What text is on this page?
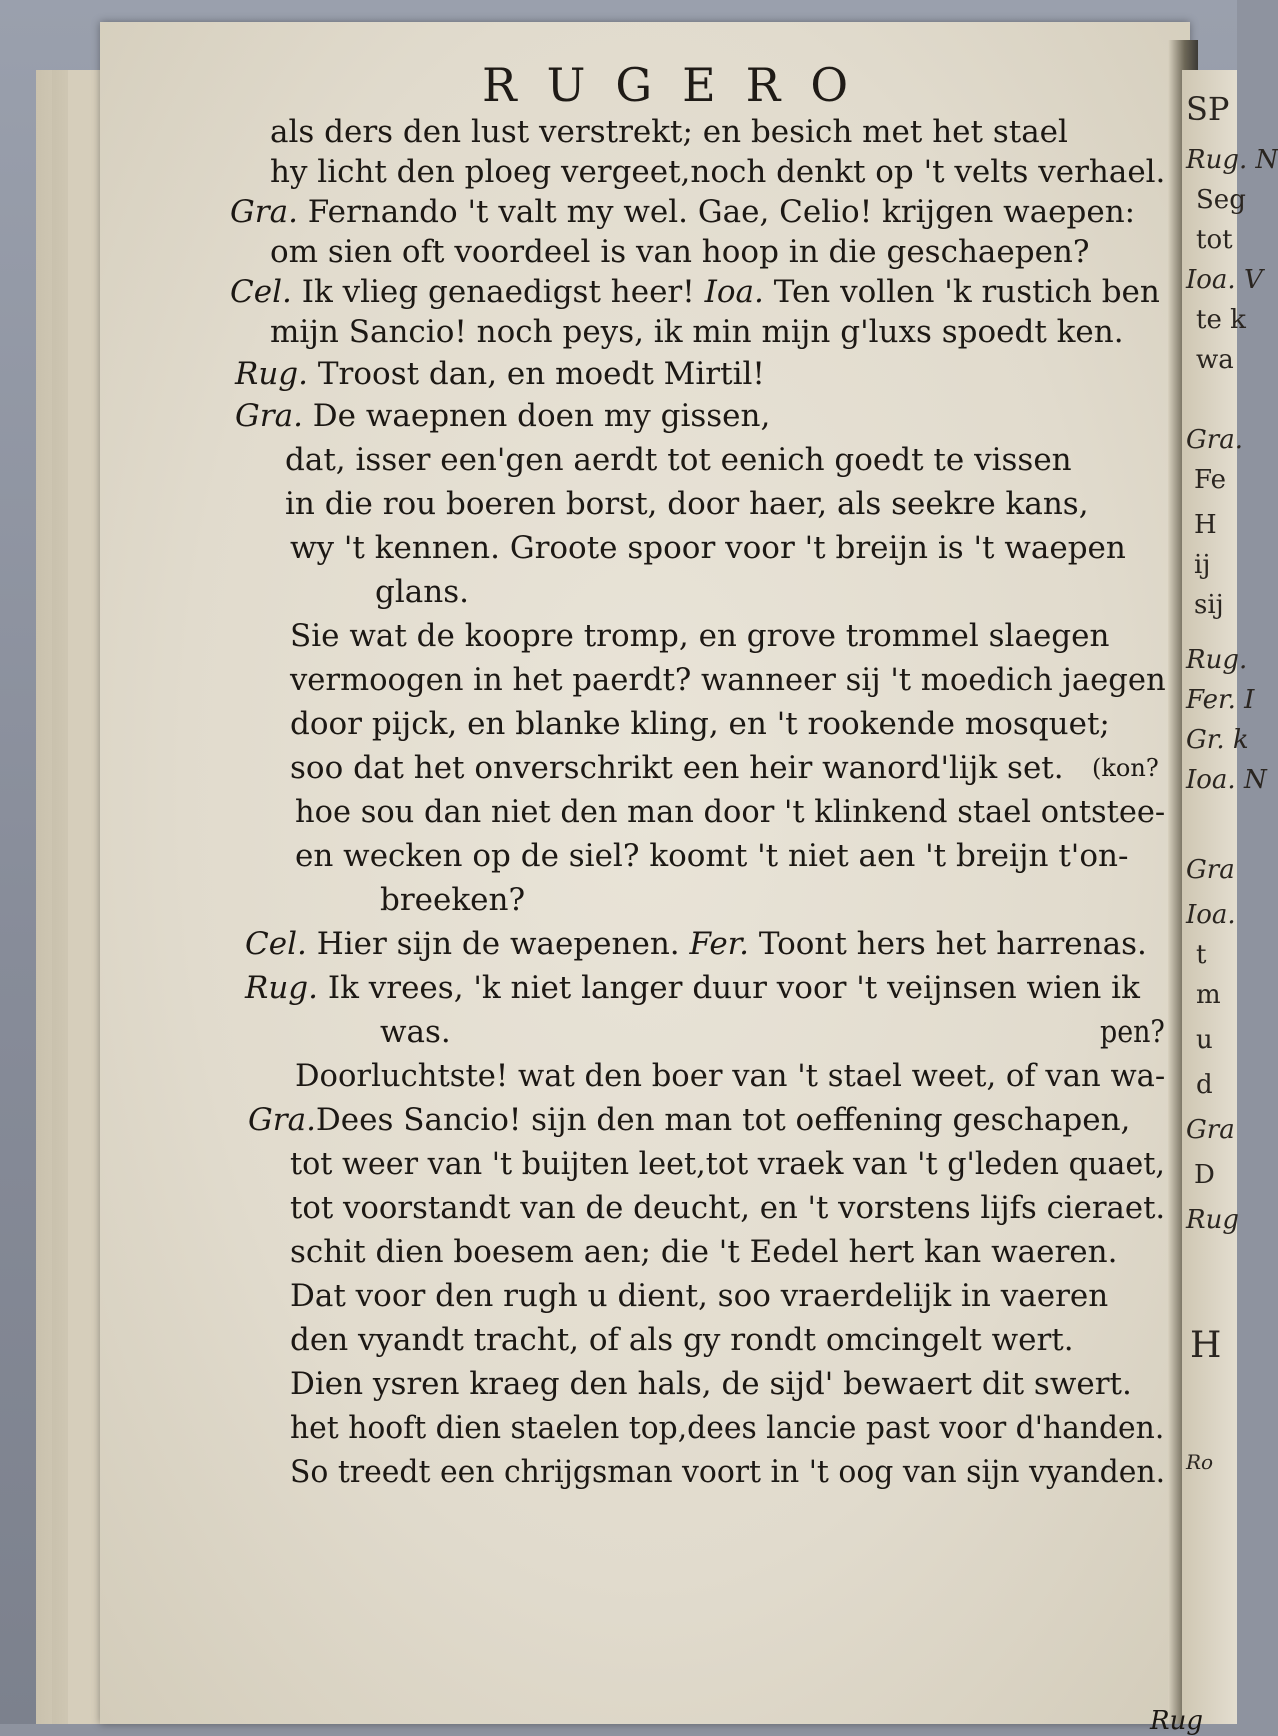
SP

Rug. N

Seg

tot

Ioa. V

te k

wa

Gra.

Fe

H

ij

sij

Rug.

Fer. I

Gr. k

Ioa. N

Gra

Ioa.

t

m

u

d

Gra

D

Rug

H

Ro

RUGERO

als ders den lust verstrekt; en besich met het stael

hy licht den ploeg vergeet,noch denkt op 't velts verhael.

Gra. Fernando 't valt my wel. Gae, Celio! krijgen waepen:

om sien oft voordeel is van hoop in die geschaepen?

Cel. Ik vlieg genaedigst heer! Ioa. Ten vollen 'k rustich ben

mijn Sancio! noch peys, ik min mijn g'luxs spoedt ken.

Rug. Troost dan, en moedt Mirtil!

Gra. De waepnen doen my gissen,

dat, isser een'gen aerdt tot eenich goedt te vissen

in die rou boeren borst, door haer, als seekre kans,

wy 't kennen. Groote spoor voor 't breijn is 't waepen

glans.

Sie wat de koopre tromp, en grove trommel slaegen

vermoogen in het paerdt? wanneer sij 't moedich jaegen

door pijck, en blanke kling, en 't rookende mosquet;

soo dat het onverschrikt een heir wanord'lijk set. (kon?

hoe sou dan niet den man door 't klinkend stael ontstee-

en wecken op de siel? koomt 't niet aen 't breijn t'on-

breeken?

Cel. Hier sijn de waepenen. Fer. Toont hers het harrenas.

Rug. Ik vrees, 'k niet langer duur voor 't veijnsen wien ik

was.	pen?

Doorluchtste! wat den boer van 't stael weet, of van wa-

Gra.Dees Sancio! sijn den man tot oeffening geschapen,

tot weer van 't buijten leet,tot vraek van 't g'leden quaet,

tot voorstandt van de deucht, en 't vorstens lijfs cieraet.

schit dien boesem aen; die 't Eedel hert kan waeren.

Dat voor den rugh u dient, soo vraerdelijk in vaeren

den vyandt tracht, of als gy rondt omcingelt wert.

Dien ysren kraeg den hals, de sijd' bewaert dit swert.

het hooft dien staelen top,dees lancie past voor d'handen.

So treedt een chrijgsman voort in 't oog van sijn vyanden.

Rug
